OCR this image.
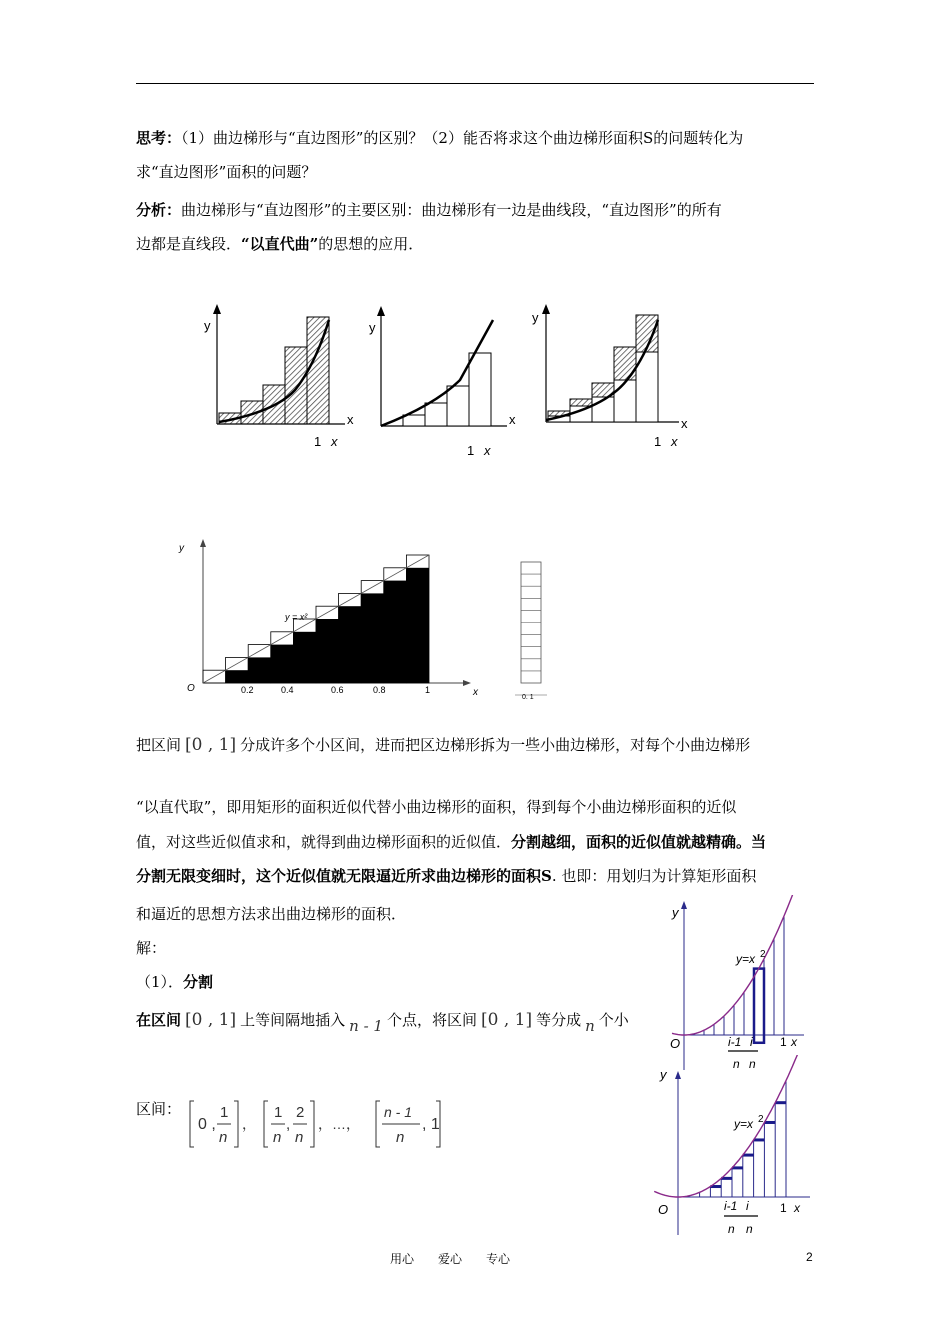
思考：（1）曲边梯形与“直边图形”的区别？（2）能否将求这个曲边梯形面积S的问题转化为
求“直边图形”面积的问题？
分析：曲边梯形与“直边图形”的主要区别：曲边梯形有一边是曲线段，“直边图形”的所有
边都是直线段．“以直代曲”的思想的应用．
y
x
1 x
y
x
1 x
y
x
1 x
y = x²
y
O	x
0.2	0.4	0.6	0.8	1
0. 1
把区间 [0 , 1] 分成许多个小区间，进而把区边梯形拆为一些小曲边梯形，对每个小曲边梯形
“以直代取”，即用矩形的面积近似代替小曲边梯形的面积，得到每个小曲边梯形面积的近似
值，对这些近似值求和，就得到曲边梯形面积的近似值．分割越细，面积的近似值就越精确。当
分割无限变细时，这个近似值就无限逼近所求曲边梯形的面积S. 也即：用划归为计算矩形面积
和逼近的思想方法求出曲边梯形的面积．
解：
（1）．分割
在区间 [0 , 1] 上等间隔地插入 n - 1 个点，将区间 [0 , 1] 等分成 n 个小
区间：
0 ,
1
n
，
1
n
,
2
n
，…，
n - 1
n
, 1
y
y=x 2
O	i-1 i
n n
1 x
y
y=x 2
O	i-1 i
n n
1 x
用心　　爱心　　专心	2
